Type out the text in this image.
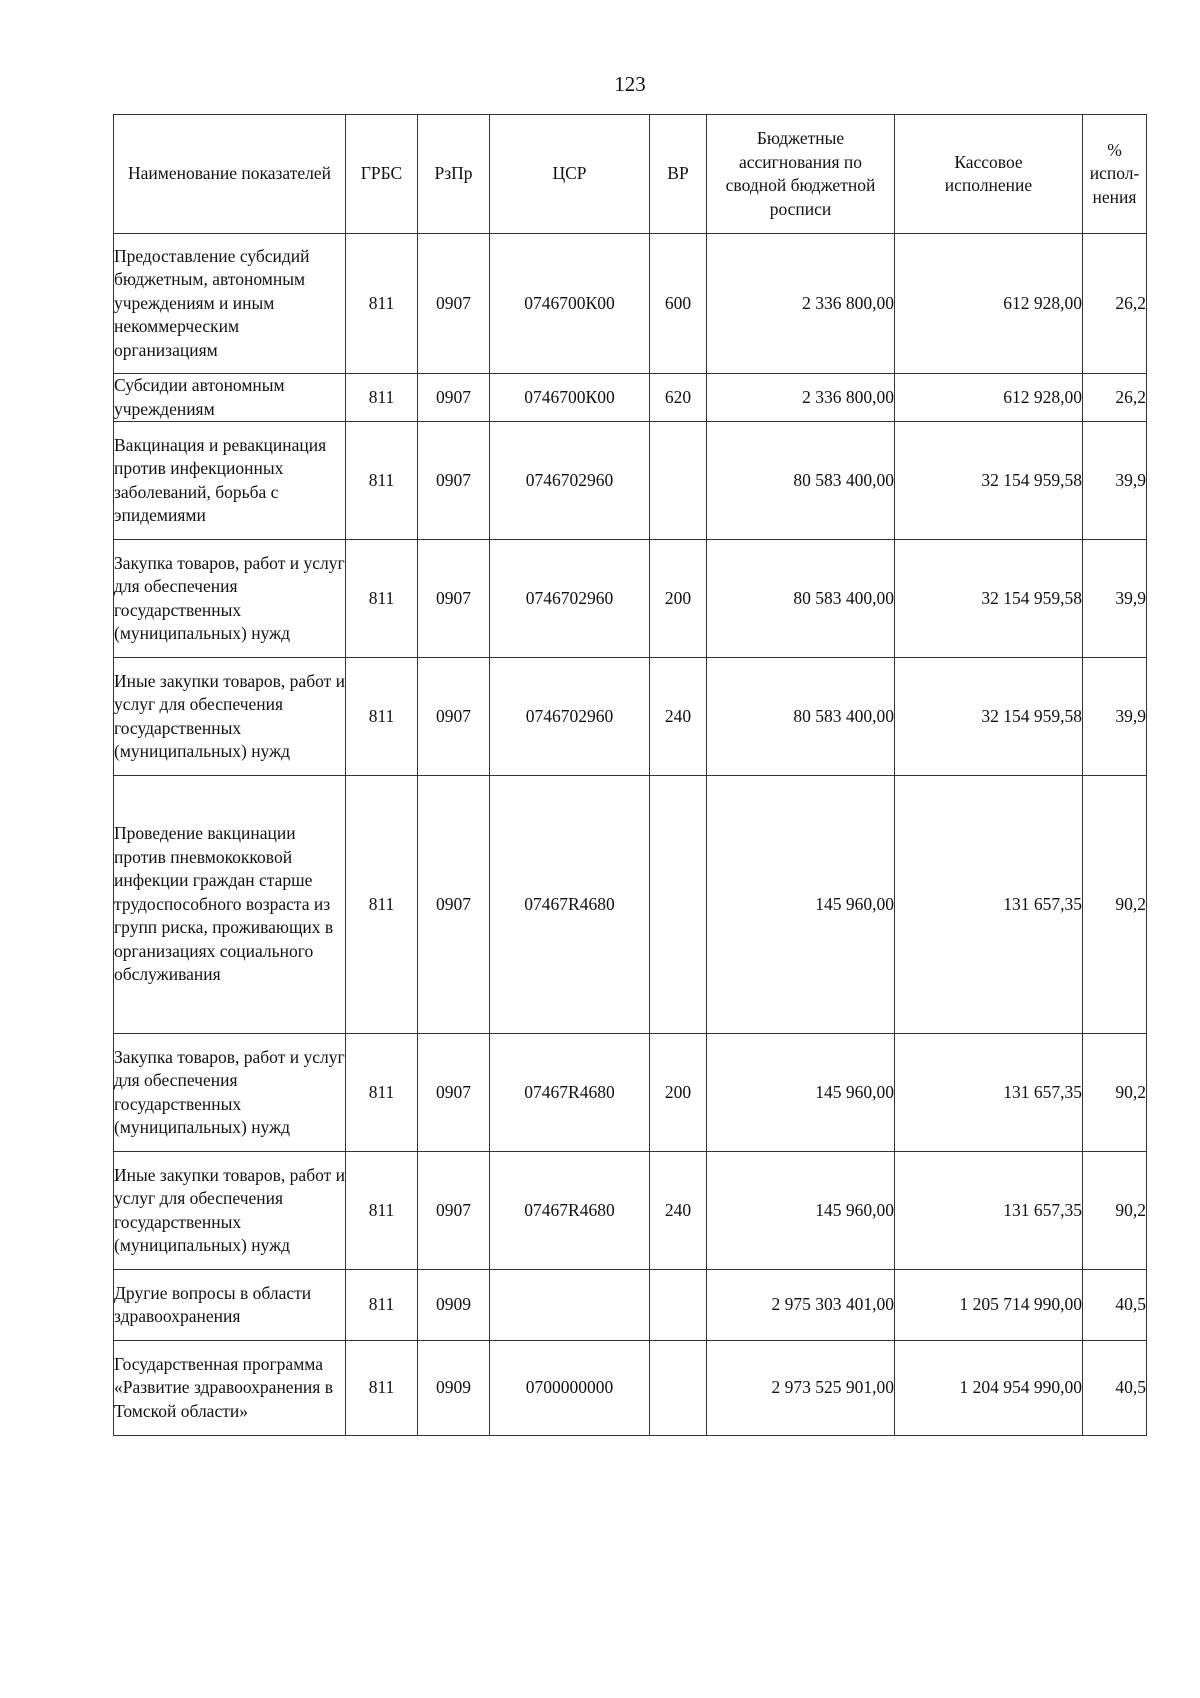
123
Наименование показателей	ГРБС	РзПр	ЦСР	ВР	Бюджетные ассигнования по сводной бюджетной росписи	Кассовое исполнение	% испол-нения
Предоставление субсидий бюджетным, автономным учреждениям и иным некоммерческим организациям	811	0907	0746700К00	600	2 336 800,00	612 928,00	26,2
Субсидии автономным учреждениям	811	0907	0746700К00	620	2 336 800,00	612 928,00	26,2
Вакцинация и ревакцинация против инфекционных заболеваний, борьба с эпидемиями	811	0907	0746702960		80 583 400,00	32 154 959,58	39,9
Закупка товаров, работ и услуг для обеспечения государственных (муниципальных) нужд	811	0907	0746702960	200	80 583 400,00	32 154 959,58	39,9
Иные закупки товаров, работ и услуг для обеспечения государственных (муниципальных) нужд	811	0907	0746702960	240	80 583 400,00	32 154 959,58	39,9
Проведение вакцинации против пневмококковой инфекции граждан старше трудоспособного возраста из групп риска, проживающих в организациях социального обслуживания	811	0907	07467R4680		145 960,00	131 657,35	90,2
Закупка товаров, работ и услуг для обеспечения государственных (муниципальных) нужд	811	0907	07467R4680	200	145 960,00	131 657,35	90,2
Иные закупки товаров, работ и услуг для обеспечения государственных (муниципальных) нужд	811	0907	07467R4680	240	145 960,00	131 657,35	90,2
Другие вопросы в области здравоохранения	811	0909			2 975 303 401,00	1 205 714 990,00	40,5
Государственная программа «Развитие здравоохранения в Томской области»	811	0909	0700000000		2 973 525 901,00	1 204 954 990,00	40,5
